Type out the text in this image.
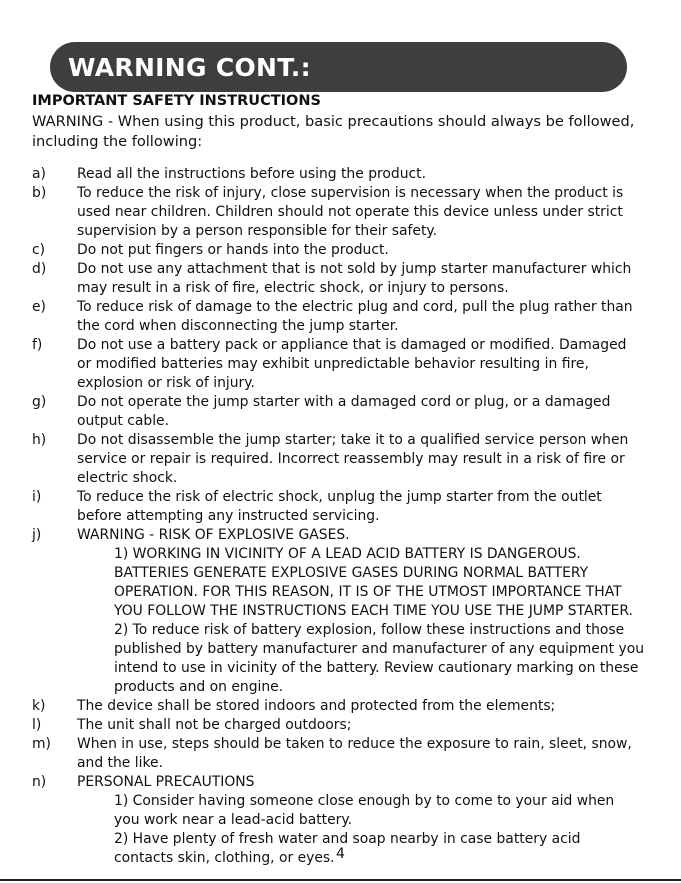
WARNING CONT.:
IMPORTANT SAFETY INSTRUCTIONS
WARNING - When using this product, basic precautions should always be followed, including the following:
a)	Read all the instructions before using the product.
b)	To reduce the risk of injury, close supervision is necessary when the product is used near children. Children should not operate this device unless under strict supervision by a person responsible for their safety.
c)	Do not put fingers or hands into the product.
d)	Do not use any attachment that is not sold by jump starter manufacturer which may result in a risk of fire, electric shock, or injury to persons.
e)	To reduce risk of damage to the electric plug and cord, pull the plug rather than the cord when disconnecting the jump starter.
f)	Do not use a battery pack or appliance that is damaged or modified. Damaged or modified batteries may exhibit unpredictable behavior resulting in fire, explosion or risk of injury.
g)	Do not operate the jump starter with a damaged cord or plug, or a damaged output cable.
h)	Do not disassemble the jump starter; take it to a qualified service person when service or repair is required. Incorrect reassembly may result in a risk of fire or electric shock.
i)	To reduce the risk of electric shock, unplug the jump starter from the outlet before attempting any instructed servicing.
j)	WARNING - RISK OF EXPLOSIVE GASES.
1) WORKING IN VICINITY OF A LEAD ACID BATTERY IS DANGEROUS. BATTERIES GENERATE EXPLOSIVE GASES DURING NORMAL BATTERY OPERATION. FOR THIS REASON, IT IS OF THE UTMOST IMPORTANCE THAT YOU FOLLOW THE INSTRUCTIONS EACH TIME YOU USE THE JUMP STARTER.
2) To reduce risk of battery explosion, follow these instructions and those published by battery manufacturer and manufacturer of any equipment you intend to use in vicinity of the battery. Review cautionary marking on these products and on engine.
k)	The device shall be stored indoors and protected from the elements;
l)	The unit shall not be charged outdoors;
m)	When in use, steps should be taken to reduce the exposure to rain, sleet, snow, and the like.
n)	PERSONAL PRECAUTIONS
1) Consider having someone close enough by to come to your aid when you work near a lead-acid battery.
2) Have plenty of fresh water and soap nearby in case battery acid contacts skin, clothing, or eyes. 4
